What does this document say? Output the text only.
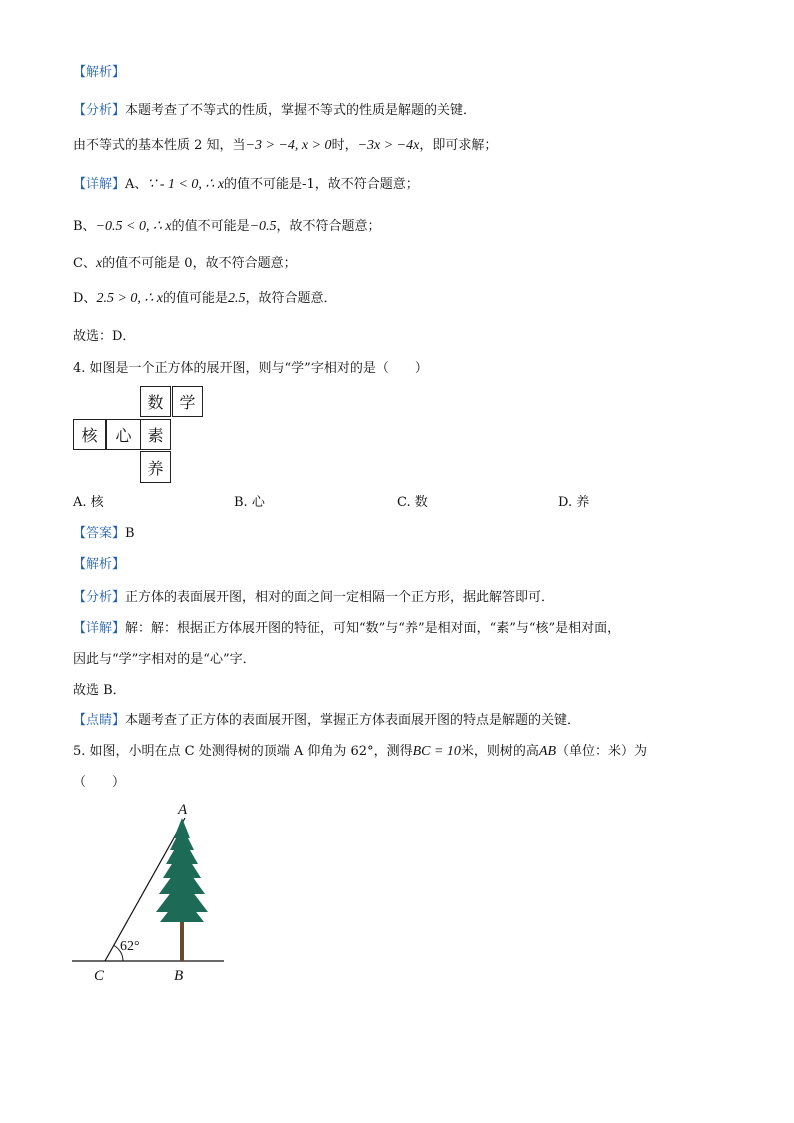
【解析】
【分析】本题考查了不等式的性质，掌握不等式的性质是解题的关键．
由不等式的基本性质 2 知，当−3 > −4, x > 0时，−3x > −4x，即可求解；
【详解】A、∵ - 1 < 0, ∴ x的值不可能是-1，故不符合题意；
B、−0.5 < 0, ∴ x的值不可能是−0.5，故不符合题意；
C、x的值不可能是 0，故不符合题意；
D、2.5 > 0, ∴ x的值可能是2.5，故符合题意．
故选：D．
4. 如图是一个正方体的展开图，则与“学”字相对的是（　　）
数 学
核	心 素
养
A. 核	B. 心	C. 数	D. 养
【答案】B
【解析】
【分析】正方体的表面展开图，相对的面之间一定相隔一个正方形，据此解答即可．
【详解】解：解：根据正方体展开图的特征，可知“数”与“养”是相对面，“素”与“核”是相对面，
因此与“学”字相对的是“心”字．
故选 B．
【点睛】本题考查了正方体的表面展开图，掌握正方体表面展开图的特点是解题的关键．
5. 如图，小明在点 C 处测得树的顶端 A 仰角为 62°，测得BC = 10米，则树的高AB（单位：米）为
（　　）
A
C	B
62°
